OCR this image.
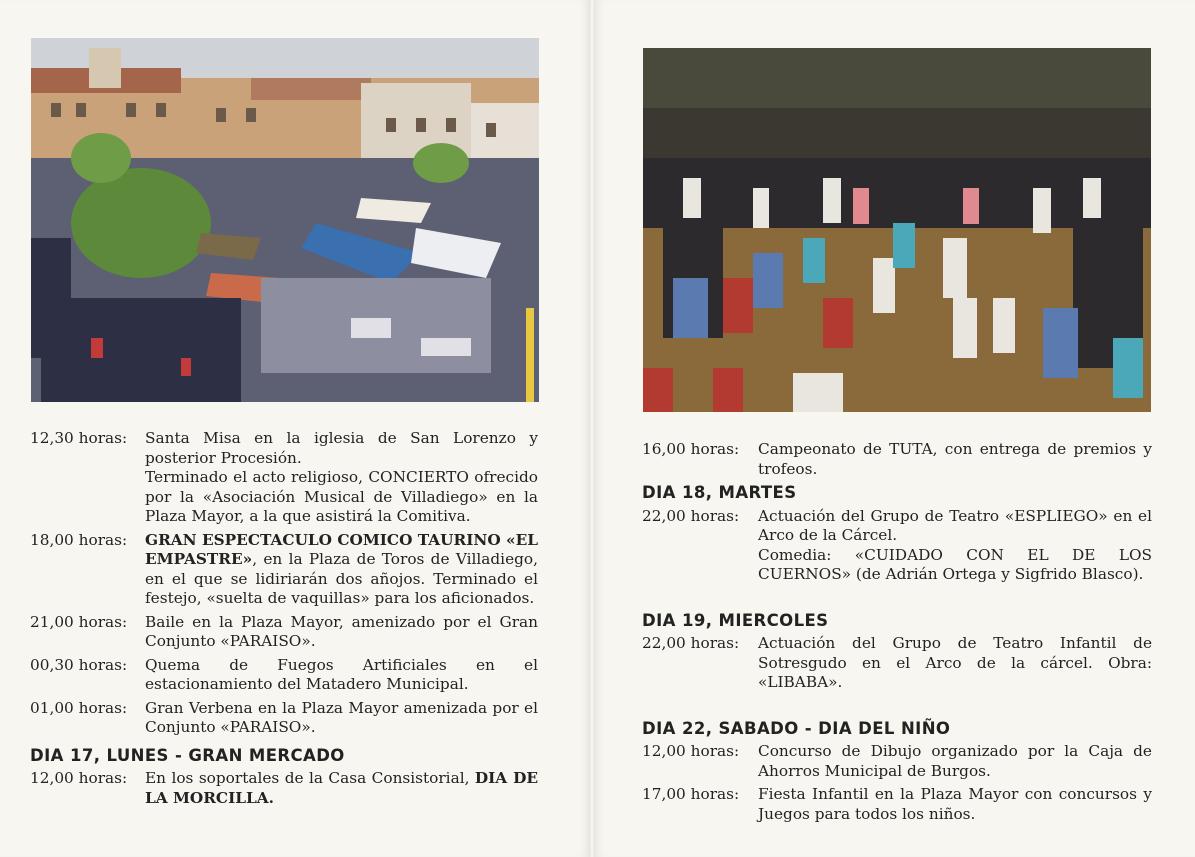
12,30 horas:	Santa Misa en la iglesia de San Lorenzo y posterior Procesión.
Terminado el acto religioso, CONCIERTO ofrecido por la «Asociación Musical de Villadiego» en la Plaza Mayor, a la que asistirá la Comitiva.
18,00 horas:	GRAN ESPECTACULO COMICO TAURINO «EL EMPASTRE», en la Plaza de Toros de Villadiego, en el que se lidiriarán dos añojos. Terminado el festejo, «suelta de vaquillas» para los aficionados.
21,00 horas:	Baile en la Plaza Mayor, amenizado por el Gran Conjunto «PARAISO».
00,30 horas:	Quema de Fuegos Artificiales en el estacionamiento del Matadero Municipal.
01,00 horas:	Gran Verbena en la Plaza Mayor amenizada por el Conjunto «PARAISO».
DIA 17, LUNES - GRAN MERCADO
12,00 horas:	En los soportales de la Casa Consistorial, DIA DE LA MORCILLA.
16,00 horas:	Campeonato de TUTA, con entrega de premios y trofeos.
DIA 18, MARTES
22,00 horas:	Actuación del Grupo de Teatro «ESPLIEGO» en el Arco de la Cárcel.
Comedia: «CUIDADO CON EL DE LOS CUERNOS» (de Adrián Ortega y Sigfrido Blasco).
DIA 19, MIERCOLES
22,00 horas:	Actuación del Grupo de Teatro Infantil de Sotresgudo en el Arco de la cárcel. Obra: «LIBABA».
DIA 22, SABADO - DIA DEL NIÑO
12,00 horas:	Concurso de Dibujo organizado por la Caja de Ahorros Municipal de Burgos.
17,00 horas:	Fiesta Infantil en la Plaza Mayor con concursos y Juegos para todos los niños.
